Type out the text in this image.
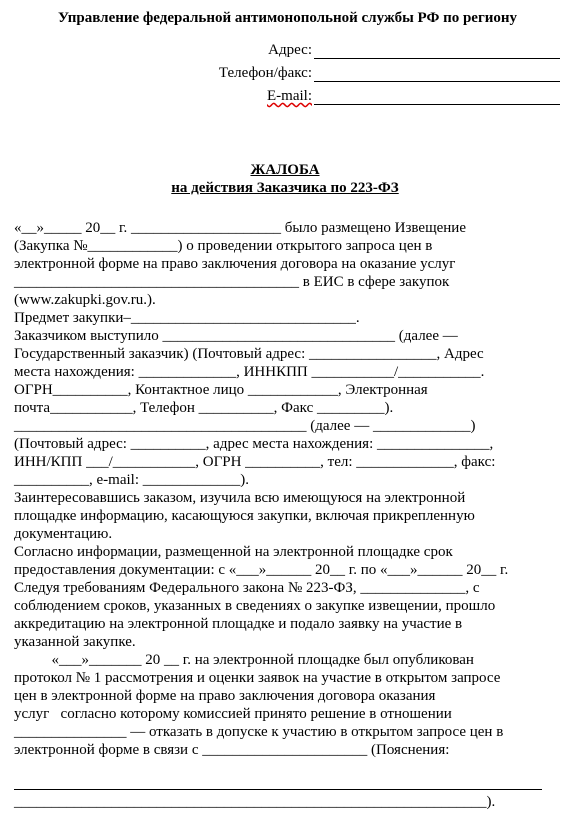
Управление федеральной антимонопольной службы РФ по региону
Адрес:
Телефон/факс:
E-mail:
ЖАЛОБА
на действия Заказчика по 223-ФЗ
«__»_____ 20__ г. ____________________ было размещено Извещение
(Закупка №____________) о проведении открытого запроса цен в
электронной форме на право заключения договора на оказание услуг
______________________________________ в ЕИС в сфере закупок
(www.zakupki.gov.ru.).
Предмет закупки–______________________________.
Заказчиком выступило _______________________________ (далее —
Государственный заказчик) (Почтовый адрес: _________________, Адрес
места нахождения: _____________, ИННКПП ___________/___________.
ОГРН__________, Контактное лицо ____________, Электронная
почта___________, Телефон __________, Факс _________).
_______________________________________ (далее — _____________)
(Почтовый адрес: __________, адрес места нахождения: _______________,
ИНН/КПП ___/___________, ОГРН __________, тел: _____________, факс:
__________, e-mail: _____________).
Заинтересовавшись заказом, изучила всю имеющуюся на электронной
площадке информацию, касающуюся закупки, включая прикрепленную
документацию.
Согласно информации, размещенной на электронной площадке срок
предоставления документации: с «___»______ 20__ г. по «___»______ 20__ г.
Следуя требованиям Федерального закона № 223-ФЗ, ______________, с
соблюдением сроков, указанных в сведениях о закупке извещении, прошло
аккредитацию на электронной площадке и подало заявку на участие в
указанной закупке.
«___»_______ 20 __ г. на электронной площадке был опубликован
протокол № 1 рассмотрения и оценки заявок на участие в открытом запросе
цен в электронной форме на право заключения договора оказания
услуг   согласно которому комиссией принято решение в отношении
_______________ — отказать в допуске к участию в открытом запросе цен в
электронной форме в связи с ______________________ (Пояснения:
_______________________________________________________________).
